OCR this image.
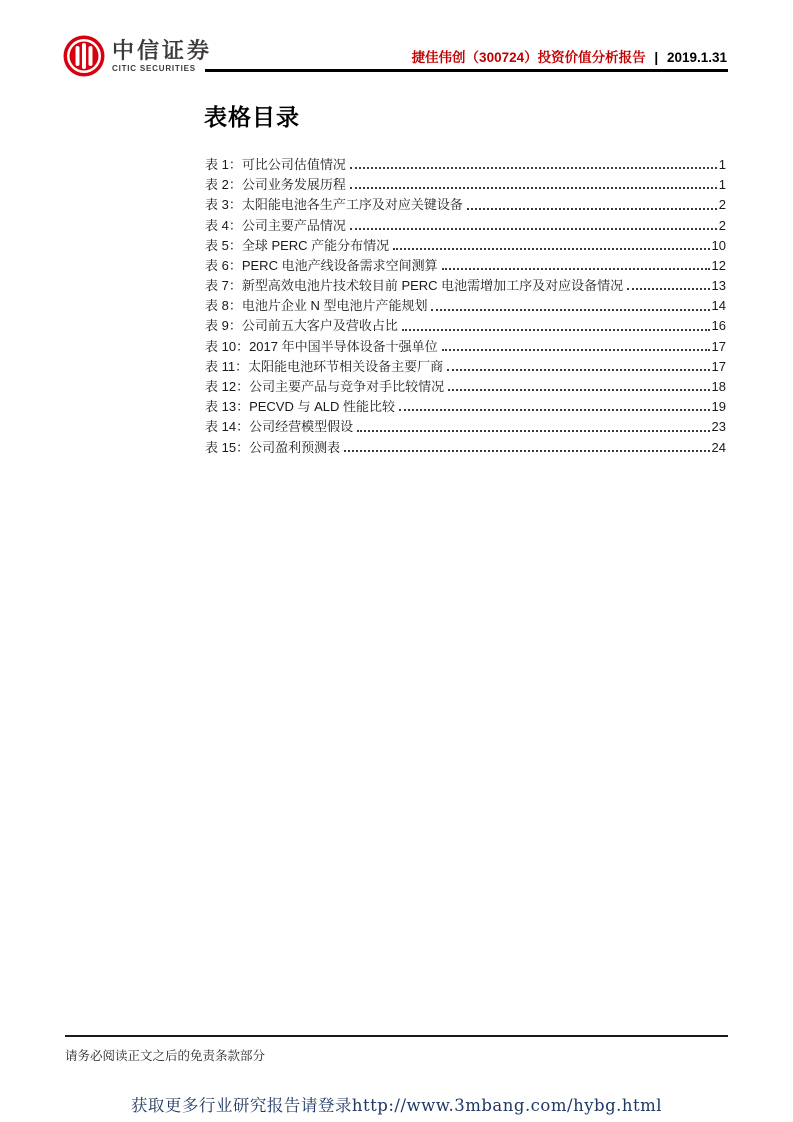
中信证券
CITIC SECURITIES
捷佳伟创（300724）投资价值分析报告 | 2019.1.31
表格目录
表 1：可比公司估值情况	1
表 2：公司业务发展历程	1
表 3：太阳能电池各生产工序及对应关键设备	2
表 4：公司主要产品情况	2
表 5：全球 PERC 产能分布情况	10
表 6：PERC 电池产线设备需求空间测算	12
表 7：新型高效电池片技术较目前 PERC 电池需增加工序及对应设备情况	13
表 8：电池片企业 N 型电池片产能规划	14
表 9：公司前五大客户及营收占比	16
表 10：2017 年中国半导体设备十强单位	17
表 11：太阳能电池环节相关设备主要厂商	17
表 12：公司主要产品与竞争对手比较情况	18
表 13：PECVD 与 ALD 性能比较	19
表 14：公司经营模型假设	23
表 15：公司盈利预测表	24
请务必阅读正文之后的免责条款部分
获取更多行业研究报告请登录http://www.3mbang.com/hybg.html
